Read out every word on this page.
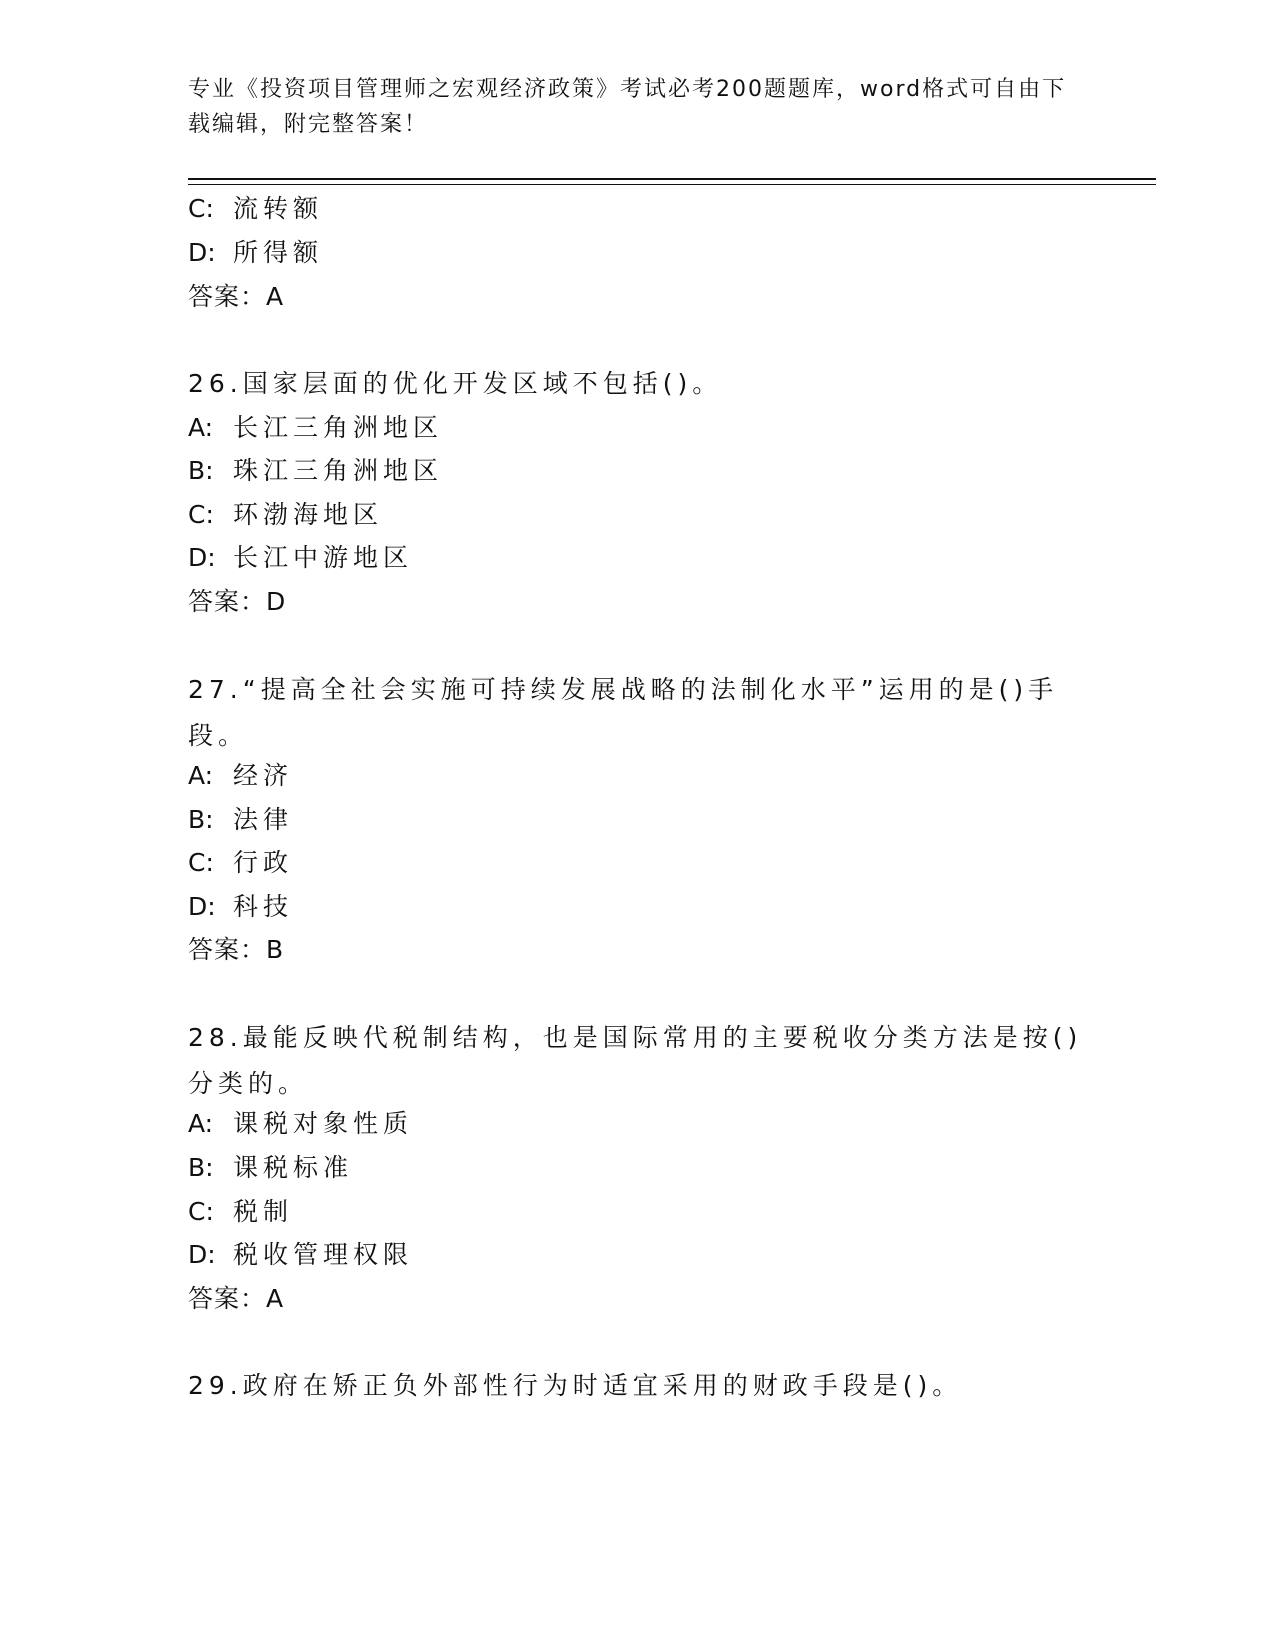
专业《投资项目管理师之宏观经济政策》考试必考200题题库，word格式可自由下载编辑，附完整答案！
C: 流转额
D: 所得额
答案：A
26.国家层面的优化开发区域不包括()。
A: 长江三角洲地区
B: 珠江三角洲地区
C: 环渤海地区
D: 长江中游地区
答案：D
27.“提高全社会实施可持续发展战略的法制化水平”运用的是()手段。
A: 经济
B: 法律
C: 行政
D: 科技
答案：B
28.最能反映代税制结构，也是国际常用的主要税收分类方法是按()分类的。
A: 课税对象性质
B: 课税标准
C: 税制
D: 税收管理权限
答案：A
29.政府在矫正负外部性行为时适宜采用的财政手段是()。
